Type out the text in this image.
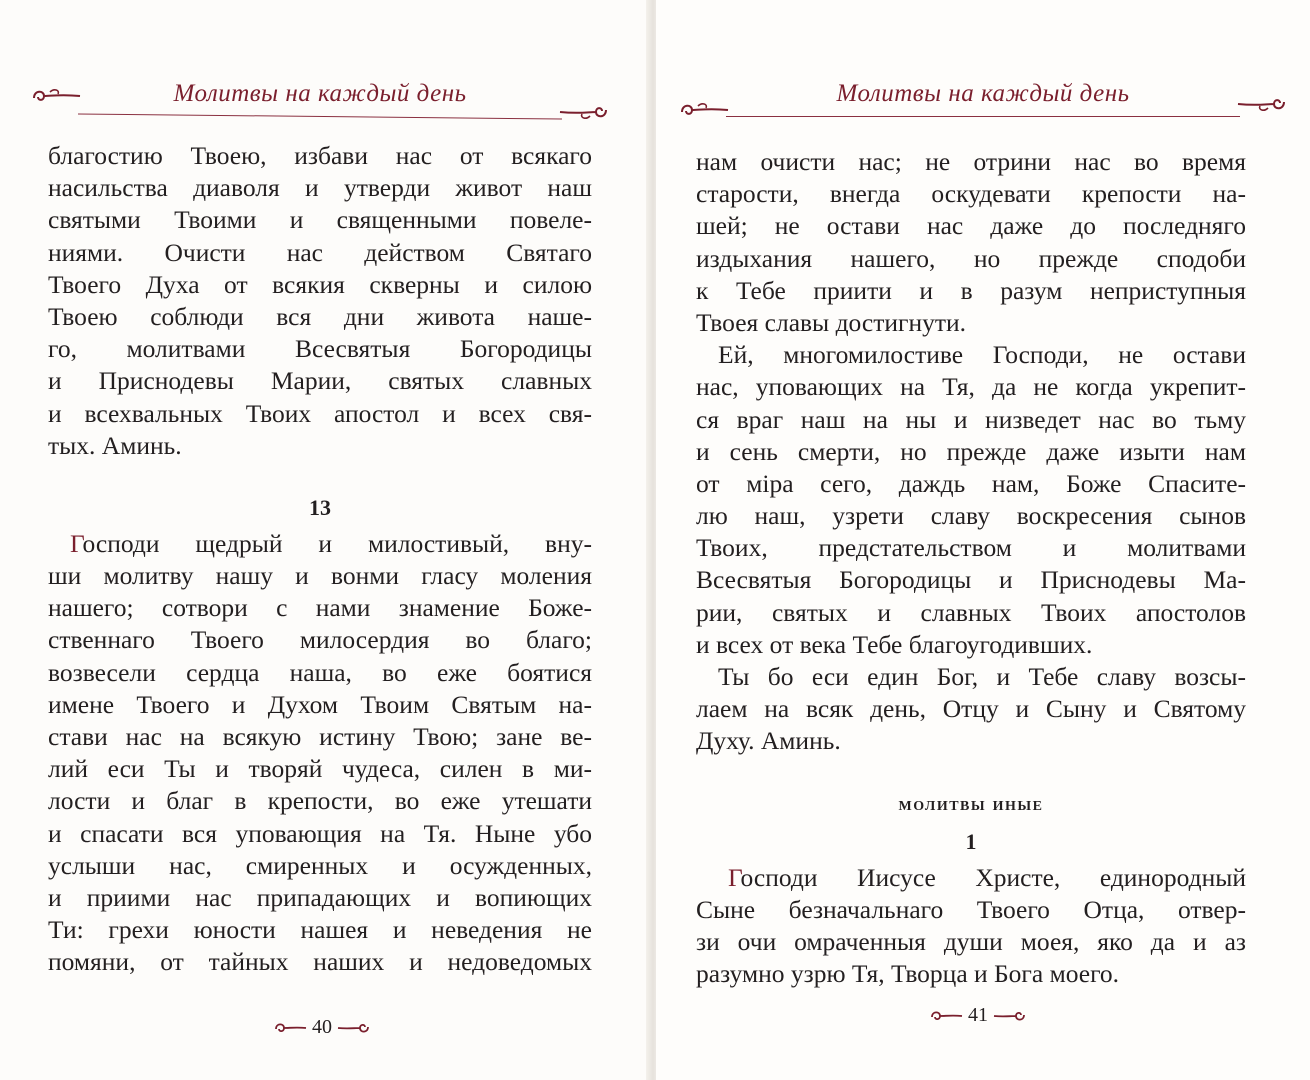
Молитвы на каждый день
благостию Твоею, избави нас от всякаго
насильства диаволя и утверди живот наш
святыми Твоими и священными повеле-
ниями. Очисти нас действом Святаго
Твоего Духа от всякия скверны и силою
Твоею соблюди вся дни живота наше-
го, молитвами Всесвятыя Богородицы
и Приснодевы Марии, святых славных
и всехвальных Твоих апостол и всех свя-
тых. Аминь.
13
Господи щедрый и милостивый, вну-
ши молитву нашу и вонми гласу моления
нашего; сотвори с нами знамение Боже-
ственнаго Твоего милосердия во благо;
возвесели сердца наша, во еже боятися
имене Твоего и Духом Твоим Святым на-
стави нас на всякую истину Твою; зане ве-
лий еси Ты и творяй чудеса, силен в ми-
лости и благ в крепости, во еже утешати
и спасати вся уповающия на Тя. Ныне убо
услыши нас, смиренных и осужденных,
и приими нас припадающих и вопиющих
Ти: грехи юности нашея и неведения не
помяни, от тайных наших и недоведомых
40
Молитвы на каждый день
нам очисти нас; не отрини нас во время
старости, внегда оскудевати крепости на-
шей; не остави нас даже до последняго
издыхания нашего, но прежде сподоби
к Тебе приити и в разум неприступныя
Твоея славы достигнути.
Ей, многомилостиве Господи, не остави
нас, уповающих на Тя, да не когда укрепит-
ся враг наш на ны и низведет нас во тьму
и сень смерти, но прежде даже изыти нам
от міра сего, даждь нам, Боже Спасите-
лю наш, узрети славу воскресения сынов
Твоих, предстательством и молитвами
Всесвятыя Богородицы и Приснодевы Ма-
рии, святых и славных Твоих апостолов
и всех от века Тебе благоугодивших.
Ты бо еси един Бог, и Тебе славу возсы-
лаем на всяк день, Отцу и Сыну и Святому
Духу. Аминь.
молитвы иные
1
Господи Иисусе Христе, единородный
Сыне безначальнаго Твоего Отца, отвер-
зи очи омраченныя души моея, яко да и аз
разумно узрю Тя, Творца и Бога моего.
41
